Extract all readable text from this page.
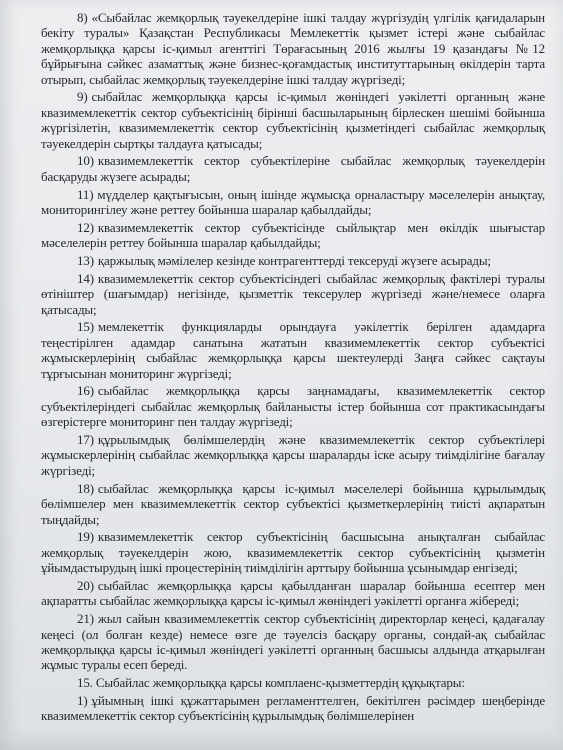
8) «Сыбайлас жемқорлық тәуекелдеріне ішкі талдау жүргізудің үлгілік қағидаларын бекіту туралы» Қазақстан Республикасы Мемлекеттік қызмет істері және сыбайлас жемқорлыққа қарсы іс-қимыл агенттігі Төрағасының 2016 жылғы 19 қазандағы №12 бұйрығына сәйкес азаматтық және бизнес-қоғамдастық институттарының өкілдерін тарта отырып, сыбайлас жемқорлық тәуекелдеріне ішкі талдау жүргізеді;

9) сыбайлас жемқорлыққа қарсы іс-қимыл жөніндегі уәкілетті органның және квазимемлекеттік сектор субъектісінің бірінші басшыларының бірлескен шешімі бойынша жүргізілетін, квазимемлекеттік сектор субъектісінің қызметіндегі сыбайлас жемқорлық тәуекелдерін сыртқы талдауға қатысады;

10) квазимемлекеттік сектор субъектілеріне сыбайлас жемқорлық тәуекелдерін басқаруды жүзеге асырады;

11) мүдделер қақтығысын, оның ішінде жұмысқа орналастыру мәселелерін анықтау, мониторингілеу және реттеу бойынша шаралар қабылдайды;

12) квазимемлекеттік сектор субъектісінде сыйлықтар мен өкілдік шығыстар мәселелерін реттеу бойынша шаралар қабылдайды;

13) қаржылық мәмілелер кезінде контрагенттерді тексеруді жүзеге асырады;

14) квазимемлекеттік сектор субъектісіндегі сыбайлас жемқорлық фактілері туралы өтініштер (шағымдар) негізінде, қызметтік тексерулер жүргізеді және/немесе оларға қатысады;

15) мемлекеттік функцияларды орындауға уәкілеттік берілген адамдарға теңестірілген адамдар санатына жататын квазимемлекеттік сектор субъектісі жұмыскерлерінің сыбайлас жемқорлыққа қарсы шектеулерді Заңға сәйкес сақтауы тұрғысынан мониторинг жүргізеді;

16) сыбайлас жемқорлыққа қарсы заңнамадағы, квазимемлекеттік сектор субъектілеріндегі сыбайлас жемқорлық байланысты істер бойынша сот практикасындағы өзгерістерге мониторинг пен талдау жүргізеді;

17) құрылымдық бөлімшелердің және квазимемлекеттік сектор субъектілері жұмыскерлерінің сыбайлас жемқорлыққа қарсы шараларды іске асыру тиімділігіне бағалау жүргізеді;

18) сыбайлас жемқорлыққа қарсы іс-қимыл мәселелері бойынша құрылымдық бөлімшелер мен квазимемлекеттік сектор субъектісі қызметкерлерінің тиісті ақпаратын тыңдайды;

19) квазимемлекеттік сектор субъектісінің басшысына анықталған сыбайлас жемқорлық тәуекелдерін жою, квазимемлекеттік сектор субъектісінің қызметін ұйымдастырудың ішкі процестерінің тиімділігін арттыру бойынша ұсынымдар енгізеді;

20) сыбайлас жемқорлыққа қарсы қабылданған шаралар бойынша есептер мен ақпаратты сыбайлас жемқорлыққа қарсы іс-қимыл жөніндегі уәкілетті органға жібереді;

21) жыл сайын квазимемлекеттік сектор субъектісінің директорлар кеңесі, қадағалау кеңесі (ол болған кезде) немесе өзге де тәуелсіз басқару органы, сондай-ақ сыбайлас жемқорлыққа қарсы іс-қимыл жөніндегі уәкілетті органның басшысы алдында атқарылған жұмыс туралы есеп береді.

15. Сыбайлас жемқорлыққа қарсы комплаенс-қызметтердің құқықтары:

1) ұйымның ішкі құжаттарымен регламенттелген, бекітілген рәсімдер шеңберінде квазимемлекеттік сектор субъектісінің құрылымдық бөлімшелерінен
